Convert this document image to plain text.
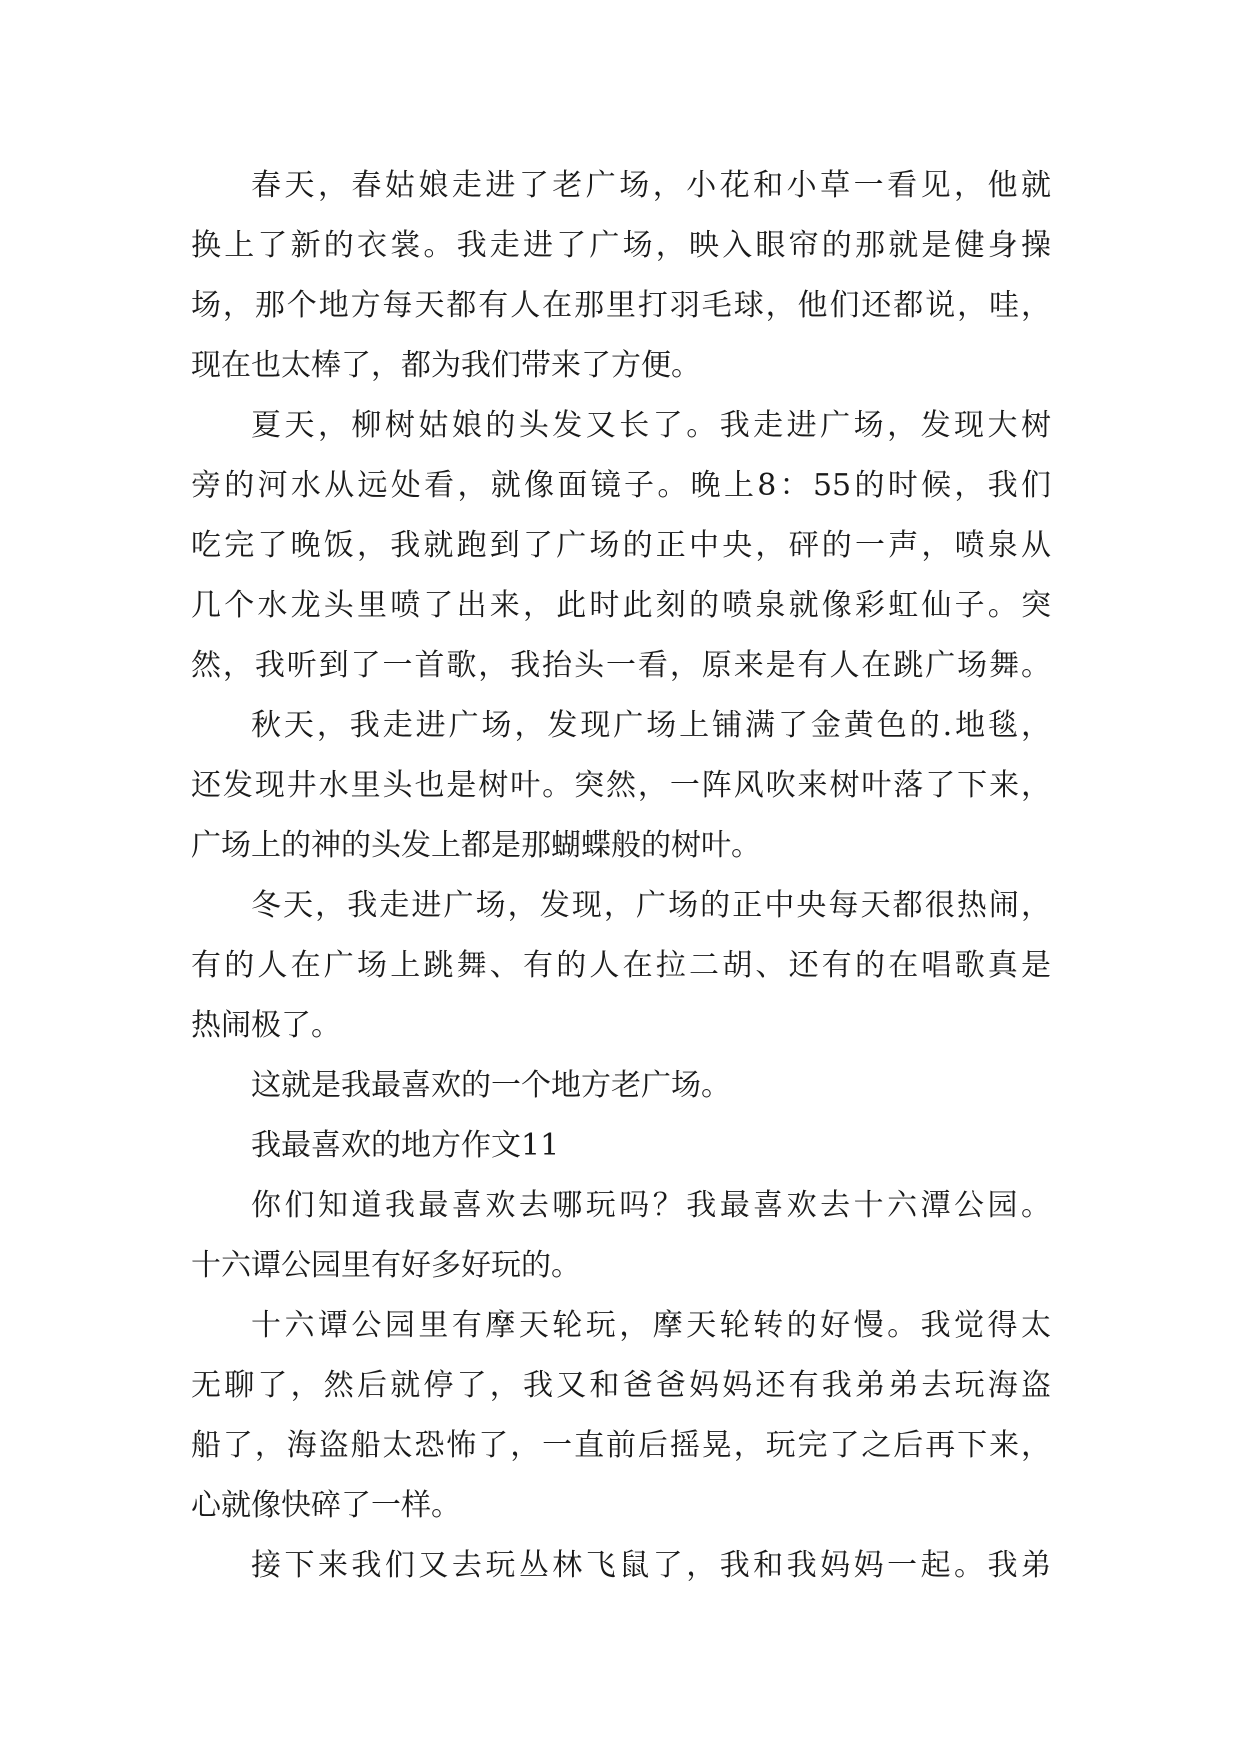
春天，春姑娘走进了老广场，小花和小草一看见，他就
换上了新的衣裳。我走进了广场，映入眼帘的那就是健身操
场，那个地方每天都有人在那里打羽毛球，他们还都说，哇，
现在也太棒了，都为我们带来了方便。

夏天，柳树姑娘的头发又长了。我走进广场，发现大树
旁的河水从远处看，就像面镜子。晚上8：55的时候，我们
吃完了晚饭，我就跑到了广场的正中央，砰的一声，喷泉从
几个水龙头里喷了出来，此时此刻的喷泉就像彩虹仙子。突
然，我听到了一首歌，我抬头一看，原来是有人在跳广场舞。

秋天，我走进广场，发现广场上铺满了金黄色的.地毯，
还发现井水里头也是树叶。突然，一阵风吹来树叶落了下来，
广场上的神的头发上都是那蝴蝶般的树叶。

冬天，我走进广场，发现，广场的正中央每天都很热闹，
有的人在广场上跳舞、有的人在拉二胡、还有的在唱歌真是
热闹极了。

这就是我最喜欢的一个地方老广场。

我最喜欢的地方作文11

你们知道我最喜欢去哪玩吗？我最喜欢去十六潭公园。
十六谭公园里有好多好玩的。

十六谭公园里有摩天轮玩，摩天轮转的好慢。我觉得太
无聊了，然后就停了，我又和爸爸妈妈还有我弟弟去玩海盗
船了，海盗船太恐怖了，一直前后摇晃，玩完了之后再下来，
心就像快碎了一样。

接下来我们又去玩丛林飞鼠了，我和我妈妈一起。我弟
